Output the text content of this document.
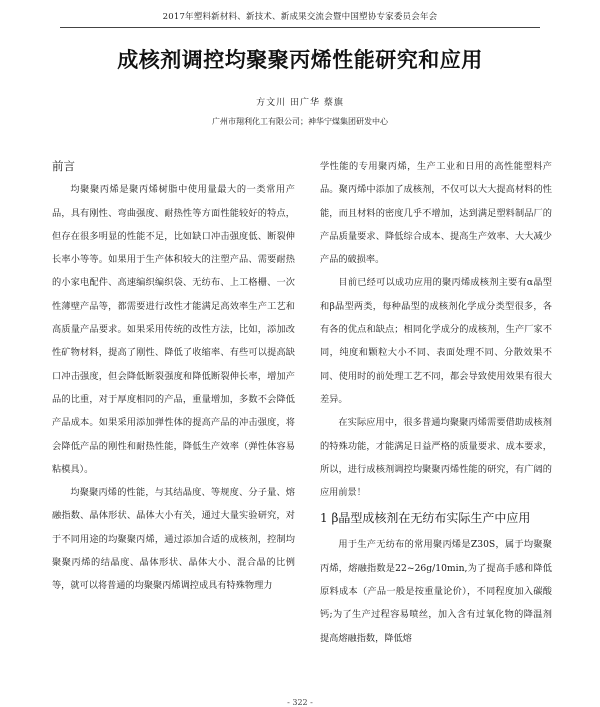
2017年塑料新材料、新技术、新成果交流会暨中国塑协专家委员会年会
成核剂调控均聚聚丙烯性能研究和应用
方文川 田广华 蔡旗
广州市翔利化工有限公司；神华宁煤集团研发中心
前言

均聚聚丙烯是聚丙烯树脂中使用量最大的一类常用产品，具有刚性、弯曲强度、耐热性等方面性能较好的特点，但存在很多明显的性能不足，比如缺口冲击强度低、断裂伸长率小等等。如果用于生产体积较大的注塑产品、需要耐热的小家电配件、高速编织编织袋、无纺布、上工格栅、一次性薄壁产品等，都需要进行改性才能满足高效率生产工艺和高质量产品要求。如果采用传统的改性方法，比如，添加改性矿物材料，提高了刚性、降低了收缩率、有些可以提高缺口冲击强度，但会降低断裂强度和降低断裂伸长率，增加产品的比重，对于厚度相同的产品，重量增加，多数不会降低产品成本。如果采用添加弹性体的提高产品的冲击强度，将会降低产品的刚性和耐热性能，降低生产效率（弹性体容易粘模具）。

均聚聚丙烯的性能，与其结晶度、等规度、分子量、熔融指数、晶体形状、晶体大小有关，通过大量实验研究，对于不同用途的均聚聚丙烯，通过添加合适的成核剂，控制均聚聚丙烯的结晶度、晶体形状、晶体大小、混合晶的比例等，就可以将普通的均聚聚丙烯调控成具有特殊物理力

学性能的专用聚丙烯，生产工业和日用的高性能塑料产品。聚丙烯中添加了成核剂，不仅可以大大提高材料的性能，而且材料的密度几乎不增加，达到满足塑料制品厂的产品质量要求、降低综合成本、提高生产效率、大大减少产品的破损率。

目前已经可以成功应用的聚丙烯成核剂主要有α晶型和β晶型两类，每种晶型的成核剂化学成分类型很多，各有各的优点和缺点；相同化学成分的成核剂，生产厂家不同，纯度和颗粒大小不同、表面处理不同、分散效果不同、使用时的前处理工艺不同，都会导致使用效果有很大差异。

在实际应用中，很多普通均聚聚丙烯需要借助成核剂的特殊功能，才能满足日益严格的质量要求、成本要求，所以，进行成核剂调控均聚聚丙烯性能的研究，有广阔的应用前景！

1 β晶型成核剂在无纺布实际生产中应用

用于生产无纺布的常用聚丙烯是Z30S，属于均聚聚丙烯，熔融指数是22~26g/10min,为了提高手感和降低原料成本（产品一般是按重量论价），不同程度加入碳酸钙;为了生产过程容易喷丝，加入含有过氧化物的降温剂提高熔融指数，降低熔

- 322 -
